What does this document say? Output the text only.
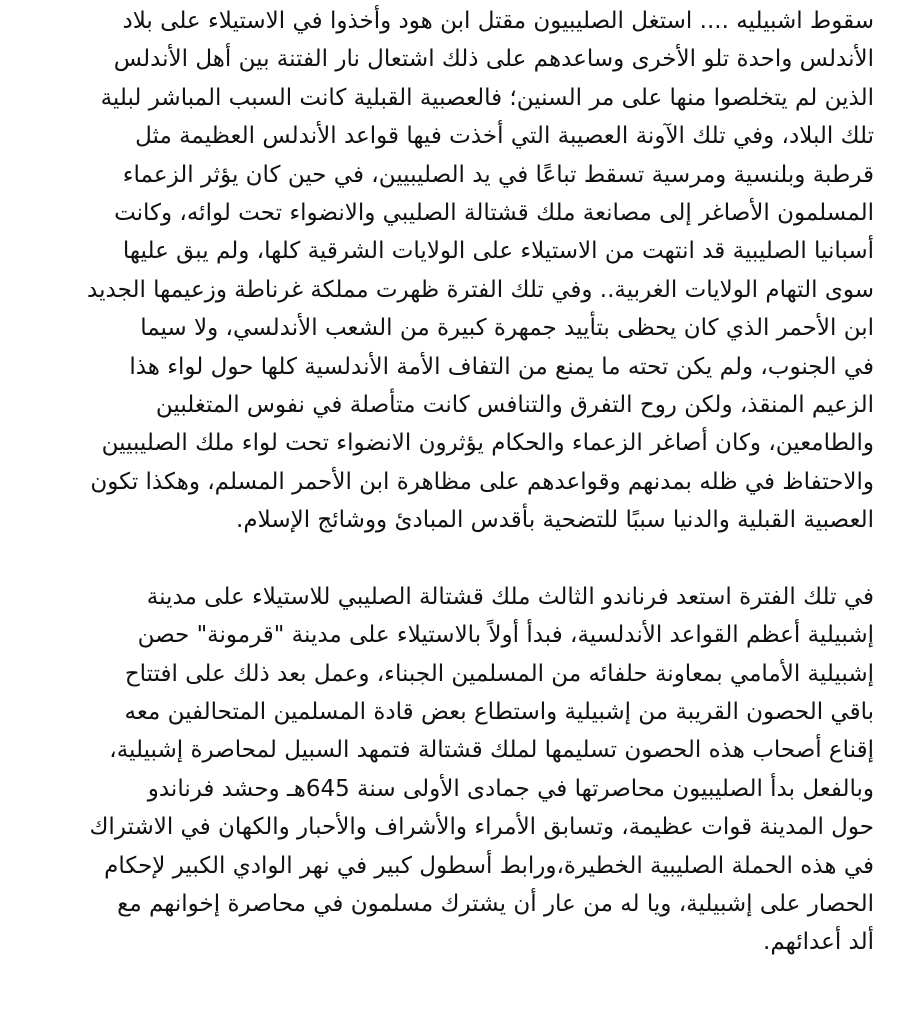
سقوط اشبيليه .... استغل الصليبيون مقتل ابن هود وأخذوا في الاستيلاء على بلاد
الأندلس واحدة تلو الأخرى وساعدهم على ذلك اشتعال نار الفتنة بين أهل الأندلس
الذين لم يتخلصوا منها على مر السنين؛ فالعصبية القبلية كانت السبب المباشر لبلية
تلك البلاد، وفي تلك الآونة العصيبة التي أخذت فيها قواعد الأندلس العظيمة مثل
قرطبة وبلنسية ومرسية تسقط تباعًا في يد الصليبيين، في حين كان يؤثر الزعماء
المسلمون الأصاغر إلى مصانعة ملك قشتالة الصليبي والانضواء تحت لوائه، وكانت
أسبانيا الصليبية قد انتهت من الاستيلاء على الولايات الشرقية كلها، ولم يبق عليها
سوى التهام الولايات الغربية.. وفي تلك الفترة ظهرت مملكة غرناطة وزعيمها الجديد
ابن الأحمر الذي كان يحظى بتأييد جمهرة كبيرة من الشعب الأندلسي، ولا سيما
في الجنوب، ولم يكن تحته ما يمنع من التفاف الأمة الأندلسية كلها حول لواء هذا
الزعيم المنقذ، ولكن روح التفرق والتنافس كانت متأصلة في نفوس المتغلبين
والطامعين، وكان أصاغر الزعماء والحكام يؤثرون الانضواء تحت لواء ملك الصليبيين
والاحتفاظ في ظله بمدنهم وقواعدهم على مظاهرة ابن الأحمر المسلم، وهكذا تكون
العصبية القبلية والدنيا سببًا للتضحية بأقدس المبادئ ووشائج الإسلام.

في تلك الفترة استعد فرناندو الثالث ملك قشتالة الصليبي للاستيلاء على مدينة
إشبيلية أعظم القواعد الأندلسية، فبدأ أولاً بالاستيلاء على مدينة "قرمونة" حصن
إشبيلية الأمامي بمعاونة حلفائه من المسلمين الجبناء، وعمل بعد ذلك على افتتاح
باقي الحصون القريبة من إشبيلية واستطاع بعض قادة المسلمين المتحالفين معه
إقناع أصحاب هذه الحصون تسليمها لملك قشتالة فتمهد السبيل لمحاصرة إشبيلية،
وبالفعل بدأ الصليبيون محاصرتها في جمادى الأولى سنة 645هـ وحشد فرناندو
حول المدينة قوات عظيمة، وتسابق الأمراء والأشراف والأحبار والكهان في الاشتراك
في هذه الحملة الصليبية الخطيرة،ورابط أسطول كبير في نهر الوادي الكبير لإحكام
الحصار على إشبيلية، ويا له من عار أن يشترك مسلمون في محاصرة إخوانهم مع
ألد أعدائهم.
